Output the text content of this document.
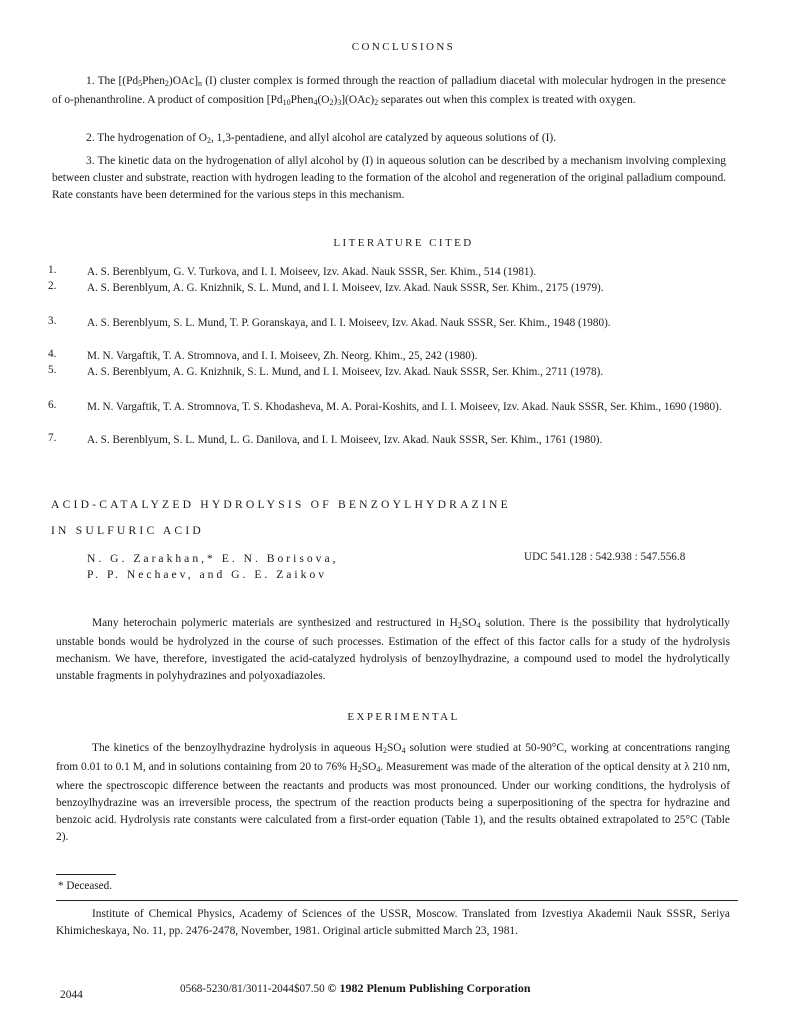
CONCLUSIONS
1. The $[(Pd_5Phen_2)OAc]_n$ (I) cluster complex is formed through the reaction of palladium diacetal with molecular hydrogen in the presence of o-phenanthroline. A product of composition $[Pd_{10}Phen_4(O_2)_3](OAc)_2$ separates out when this complex is treated with oxygen.
2. The hydrogenation of $O_2$, 1,3-pentadiene, and allyl alcohol are catalyzed by aqueous solutions of (I).
3. The kinetic data on the hydrogenation of allyl alcohol by (I) in aqueous solution can be described by a mechanism involving complexing between cluster and substrate, reaction with hydrogen leading to the formation of the alcohol and regeneration of the original palladium compound. Rate constants have been determined for the various steps in this mechanism.
LITERATURE CITED
1.	A. S. Berenblyum, G. V. Turkova, and I. I. Moiseev, Izv. Akad. Nauk SSSR, Ser. Khim., 514 (1981).
2.	A. S. Berenblyum, A. G. Knizhnik, S. L. Mund, and I. I. Moiseev, Izv. Akad. Nauk SSSR, Ser. Khim., 2175 (1979).
3.	A. S. Berenblyum, S. L. Mund, T. P. Goranskaya, and I. I. Moiseev, Izv. Akad. Nauk SSSR, Ser. Khim., 1948 (1980).
4.	M. N. Vargaftik, T. A. Stromnova, and I. I. Moiseev, Zh. Neorg. Khim., 25, 242 (1980).
5.	A. S. Berenblyum, A. G. Knizhnik, S. L. Mund, and I. I. Moiseev, Izv. Akad. Nauk SSSR, Ser. Khim., 2711 (1978).
6.	M. N. Vargaftik, T. A. Stromnova, T. S. Khodasheva, M. A. Porai-Koshits, and I. I. Moiseev, Izv. Akad. Nauk SSSR, Ser. Khim., 1690 (1980).
7.	A. S. Berenblyum, S. L. Mund, L. G. Danilova, and I. I. Moiseev, Izv. Akad. Nauk SSSR, Ser. Khim., 1761 (1980).
ACID-CATALYZED HYDROLYSIS OF BENZOYLHYDRAZINE
IN SULFURIC ACID
N. G. Zarakhan,* E. N. Borisova,
P. P. Nechaev, and G. E. Zaikov
UDC 541.128 : 542.938 : 547.556.8
Many heterochain polymeric materials are synthesized and restructured in $H_2SO_4$ solution. There is the possibility that hydrolytically unstable bonds would be hydrolyzed in the course of such processes. Estimation of the effect of this factor calls for a study of the hydrolysis mechanism. We have, therefore, investigated the acid-catalyzed hydrolysis of benzoylhydrazine, a compound used to model the hydrolytically unstable fragments in polyhydrazines and polyoxadiazoles.
EXPERIMENTAL
The kinetics of the benzoylhydrazine hydrolysis in aqueous $H_2SO_4$ solution were studied at 50-90°C, working at concentrations ranging from 0.01 to 0.1 M, and in solutions containing from 20 to 76% $H_2SO_4$. Measurement was made of the alteration of the optical density at λ 210 nm, where the spectroscopic difference between the reactants and products was most pronounced. Under our working conditions, the hydrolysis of benzoylhydrazine was an irreversible process, the spectrum of the reaction products being a superpositioning of the spectra for hydrazine and benzoic acid. Hydrolysis rate constants were calculated from a first-order equation (Table 1), and the results obtained extrapolated to 25°C (Table 2).
* Deceased.
Institute of Chemical Physics, Academy of Sciences of the USSR, Moscow. Translated from Izvestiya Akademii Nauk SSSR, Seriya Khimicheskaya, No. 11, pp. 2476-2478, November, 1981. Original article submitted March 23, 1981.
2044	0568-5230/81/3011-2044$07.50 © 1982 Plenum Publishing Corporation
